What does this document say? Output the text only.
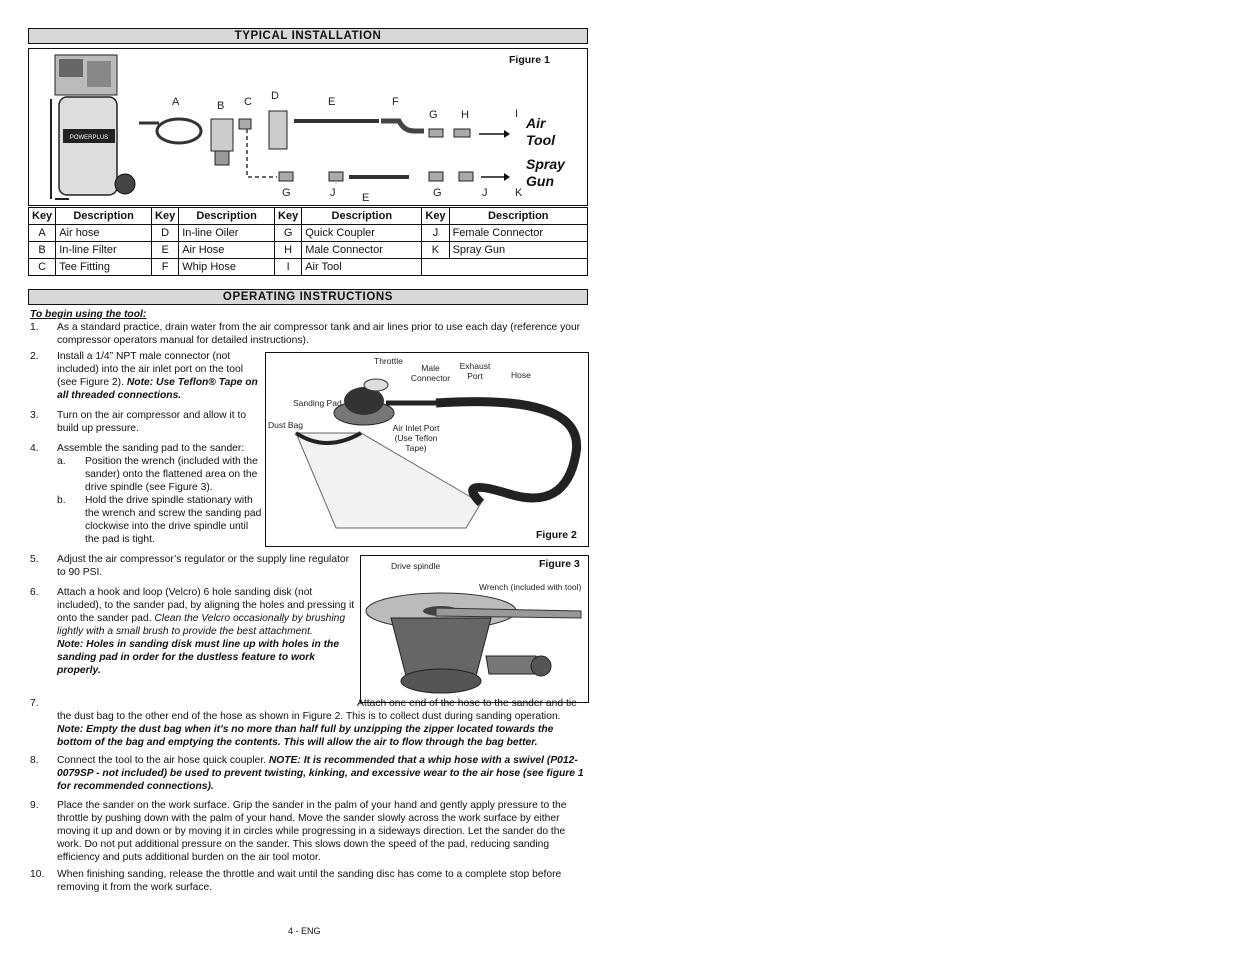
TYPICAL INSTALLATION
POWERPLUS
Figure 1
A	B C D	E	F
G H	I
G	J E	G	J	K
Air Tool
Spray Gun
Key	Description	Key	Description	Key	Description	Key	Description
A	Air hose	D	In-line Oiler	G	Quick Coupler	J	Female Connector
B	In-line Filter	E	Air Hose	H	Male Connector	K	Spray Gun
C	Tee Fitting	F	Whip Hose	I	Air Tool		
OPERATING INSTRUCTIONS
To begin using the tool:
1. As a standard practice, drain water from the air compressor tank and air lines prior to use each day (reference your compressor operators manual for detailed instructions).
2. Install a 1/4” NPT male connector (not included) into the air inlet port on the tool (see Figure 2). Note: Use Teflon® Tape on all threaded connections.
3. Turn on the air compressor and allow it to build up pressure.
4. Assemble the sanding pad to the sander:
a. Position the wrench (included with the sander) onto the flattened area on the drive spindle (see Figure 3).
b. Hold the drive spindle stationary with the wrench and screw the sanding pad clockwise into the drive spindle until the pad is tight.
Throttle
Male Connector
Exhaust Port	Hose
Sanding Pad
Dust Bag	Air Inlet Port (Use Teflon Tape)
Figure 2
5. Adjust the air compressor’s regulator or the supply line regulator to 90 PSI.
6. Attach a hook and loop (Velcro) 6 hole sanding disk (not included), to the sander pad, by aligning the holes and pressing it onto the sander pad. Clean the Velcro occasionally by brushing lightly with a small brush to provide the best attachment.
Note: Holes in sanding disk must line up with holes in the sanding pad in order for the dustless feature to work properly.
Drive spindle
Wrench (included with tool)
Figure 3
7.	Attach one end of the hose to the sander and tie the dust bag to the other end of the hose as shown in Figure 2. This is to collect dust during sanding operation. Note: Empty the dust bag when it’s no more than half full by unzipping the zipper located towards the bottom of the bag and emptying the contents. This will allow the air to flow through the bag better.
8. Connect the tool to the air hose quick coupler. NOTE: It is recommended that a whip hose with a swivel (P012-0079SP - not included) be used to prevent twisting, kinking, and excessive wear to the air hose (see figure 1 for recommended connections).
9. Place the sander on the work surface. Grip the sander in the palm of your hand and gently apply pressure to the throttle by pushing down with the palm of your hand. Move the sander slowly across the work surface by either moving it up and down or by moving it in circles while progressing in a sideways direction. Let the sander do the work. Do not put additional pressure on the sander. This slows down the speed of the pad, reducing sanding efficiency and puts additional burden on the air tool motor.
10. When finishing sanding, release the throttle and wait until the sanding disc has come to a complete stop before removing it from the work surface.
4 - ENG
